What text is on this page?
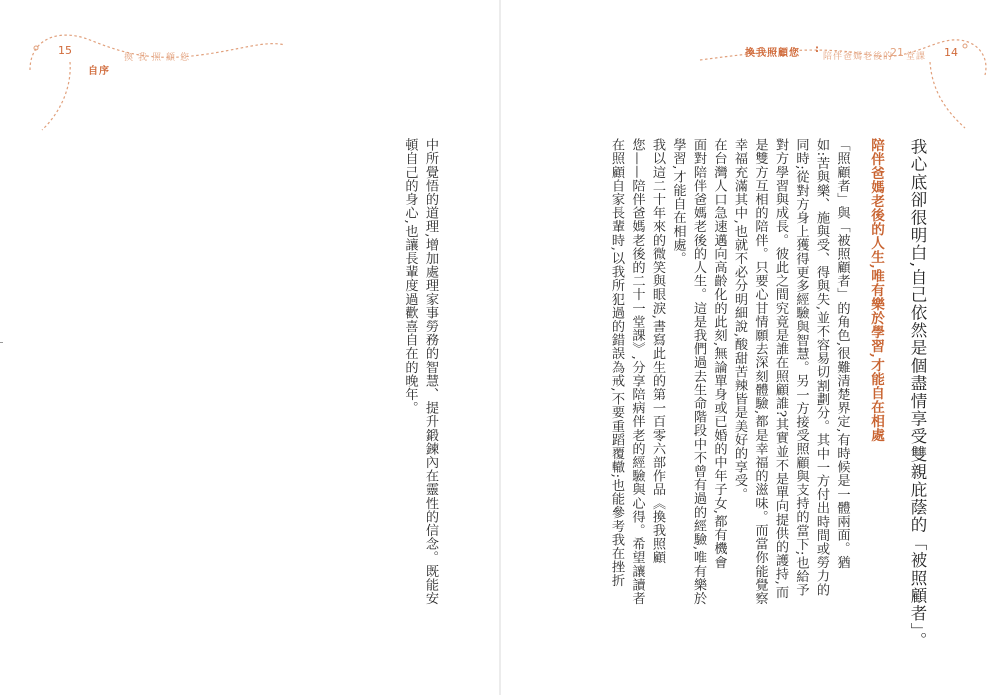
15
自序
換我照顧您	換我照顧您 :
陪伴爸媽老後的
21 堂課 14
我心底卻很明白,自己依然是個盡情享受雙親庇蔭的「被照顧者」。
陪伴爸媽老後的人生,唯有樂於學習,才能自在相處
「照顧者」與「被照顧者」的角色,很難清楚界定,有時候是一體兩面。猶
如:苦與樂、施與受、得與失,並不容易切割劃分。其中一方付出時間或勞力的
同時;從對方身上獲得更多經驗與智慧。另一方接受照顧與支持的當下;也給予
對方學習與成長。彼此之間究竟是誰在照顧誰?其實並不是單向提供的護持,而
是雙方互相的陪伴。只要心甘情願去深刻體驗,都是幸福的滋味。而當你能覺察
幸福充滿其中,也就不必分明細說,酸甜苦辣皆是美好的享受。
在台灣人口急速邁向高齡化的此刻,無論單身或已婚的中年子女,都有機會
面對陪伴爸媽老後的人生。這是我們過去生命階段中不曾有過的經驗,唯有樂於
學習,才能自在相處。
我以這二十年來的微笑與眼淚,書寫此生的第一百零六部作品《換我照顧
您——陪伴爸媽老後的二十一堂課》,分享陪病伴老的經驗與心得。希望讓讀者
在照顧自家長輩時,以我所犯過的錯誤為戒,不要重蹈覆轍;也能參考我在挫折
中所覺悟的道理,增加處理家事勞務的智慧、提升鍛鍊內在靈性的信念。既能安
頓自己的身心,也讓長輩度過歡喜自在的晚年。
